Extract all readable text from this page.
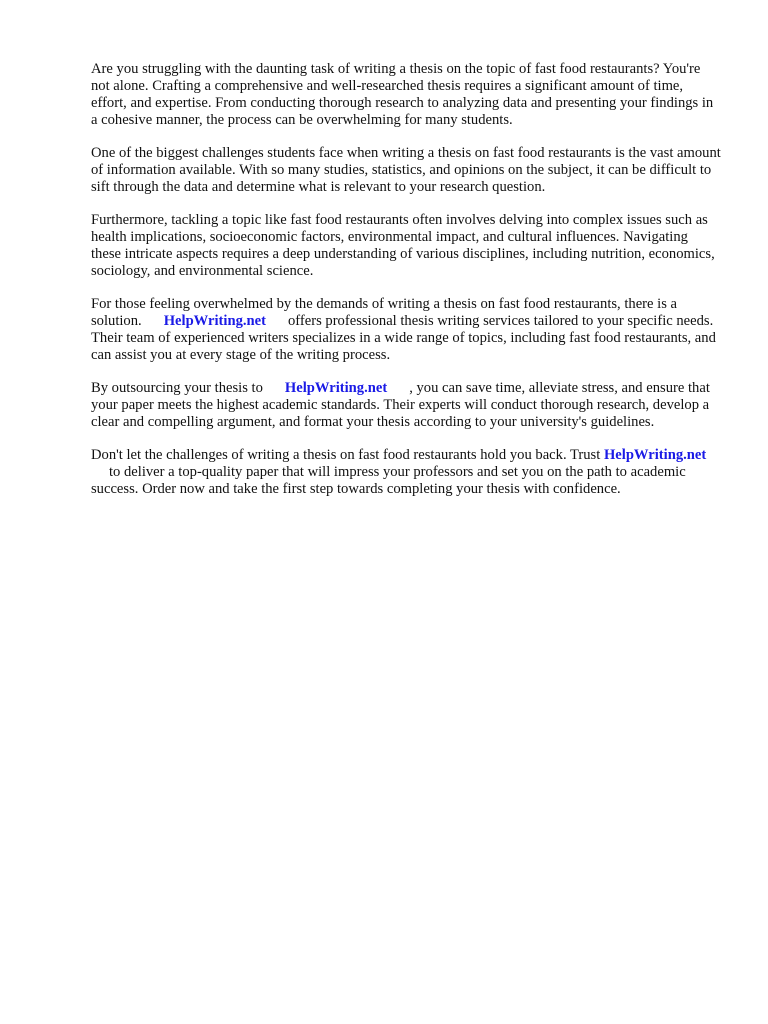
Are you struggling with the daunting task of writing a thesis on the topic of fast food restaurants? You're not alone. Crafting a comprehensive and well-researched thesis requires a significant amount of time, effort, and expertise. From conducting thorough research to analyzing data and presenting your findings in a cohesive manner, the process can be overwhelming for many students.

One of the biggest challenges students face when writing a thesis on fast food restaurants is the vast amount of information available. With so many studies, statistics, and opinions on the subject, it can be difficult to sift through the data and determine what is relevant to your research question.

Furthermore, tackling a topic like fast food restaurants often involves delving into complex issues such as health implications, socioeconomic factors, environmental impact, and cultural influences. Navigating these intricate aspects requires a deep understanding of various disciplines, including nutrition, economics, sociology, and environmental science.

For those feeling overwhelmed by the demands of writing a thesis on fast food restaurants, there is a solution. HelpWriting.net offers professional thesis writing services tailored to your specific needs. Their team of experienced writers specializes in a wide range of topics, including fast food restaurants, and can assist you at every stage of the writing process.

By outsourcing your thesis to HelpWriting.net , you can save time, alleviate stress, and ensure that your paper meets the highest academic standards. Their experts will conduct thorough research, develop a clear and compelling argument, and format your thesis according to your university's guidelines.

Don't let the challenges of writing a thesis on fast food restaurants hold you back. Trust HelpWriting.netto deliver a top-quality paper that will impress your professors and set you on the path to academic success. Order now and take the first step towards completing your thesis with confidence.
